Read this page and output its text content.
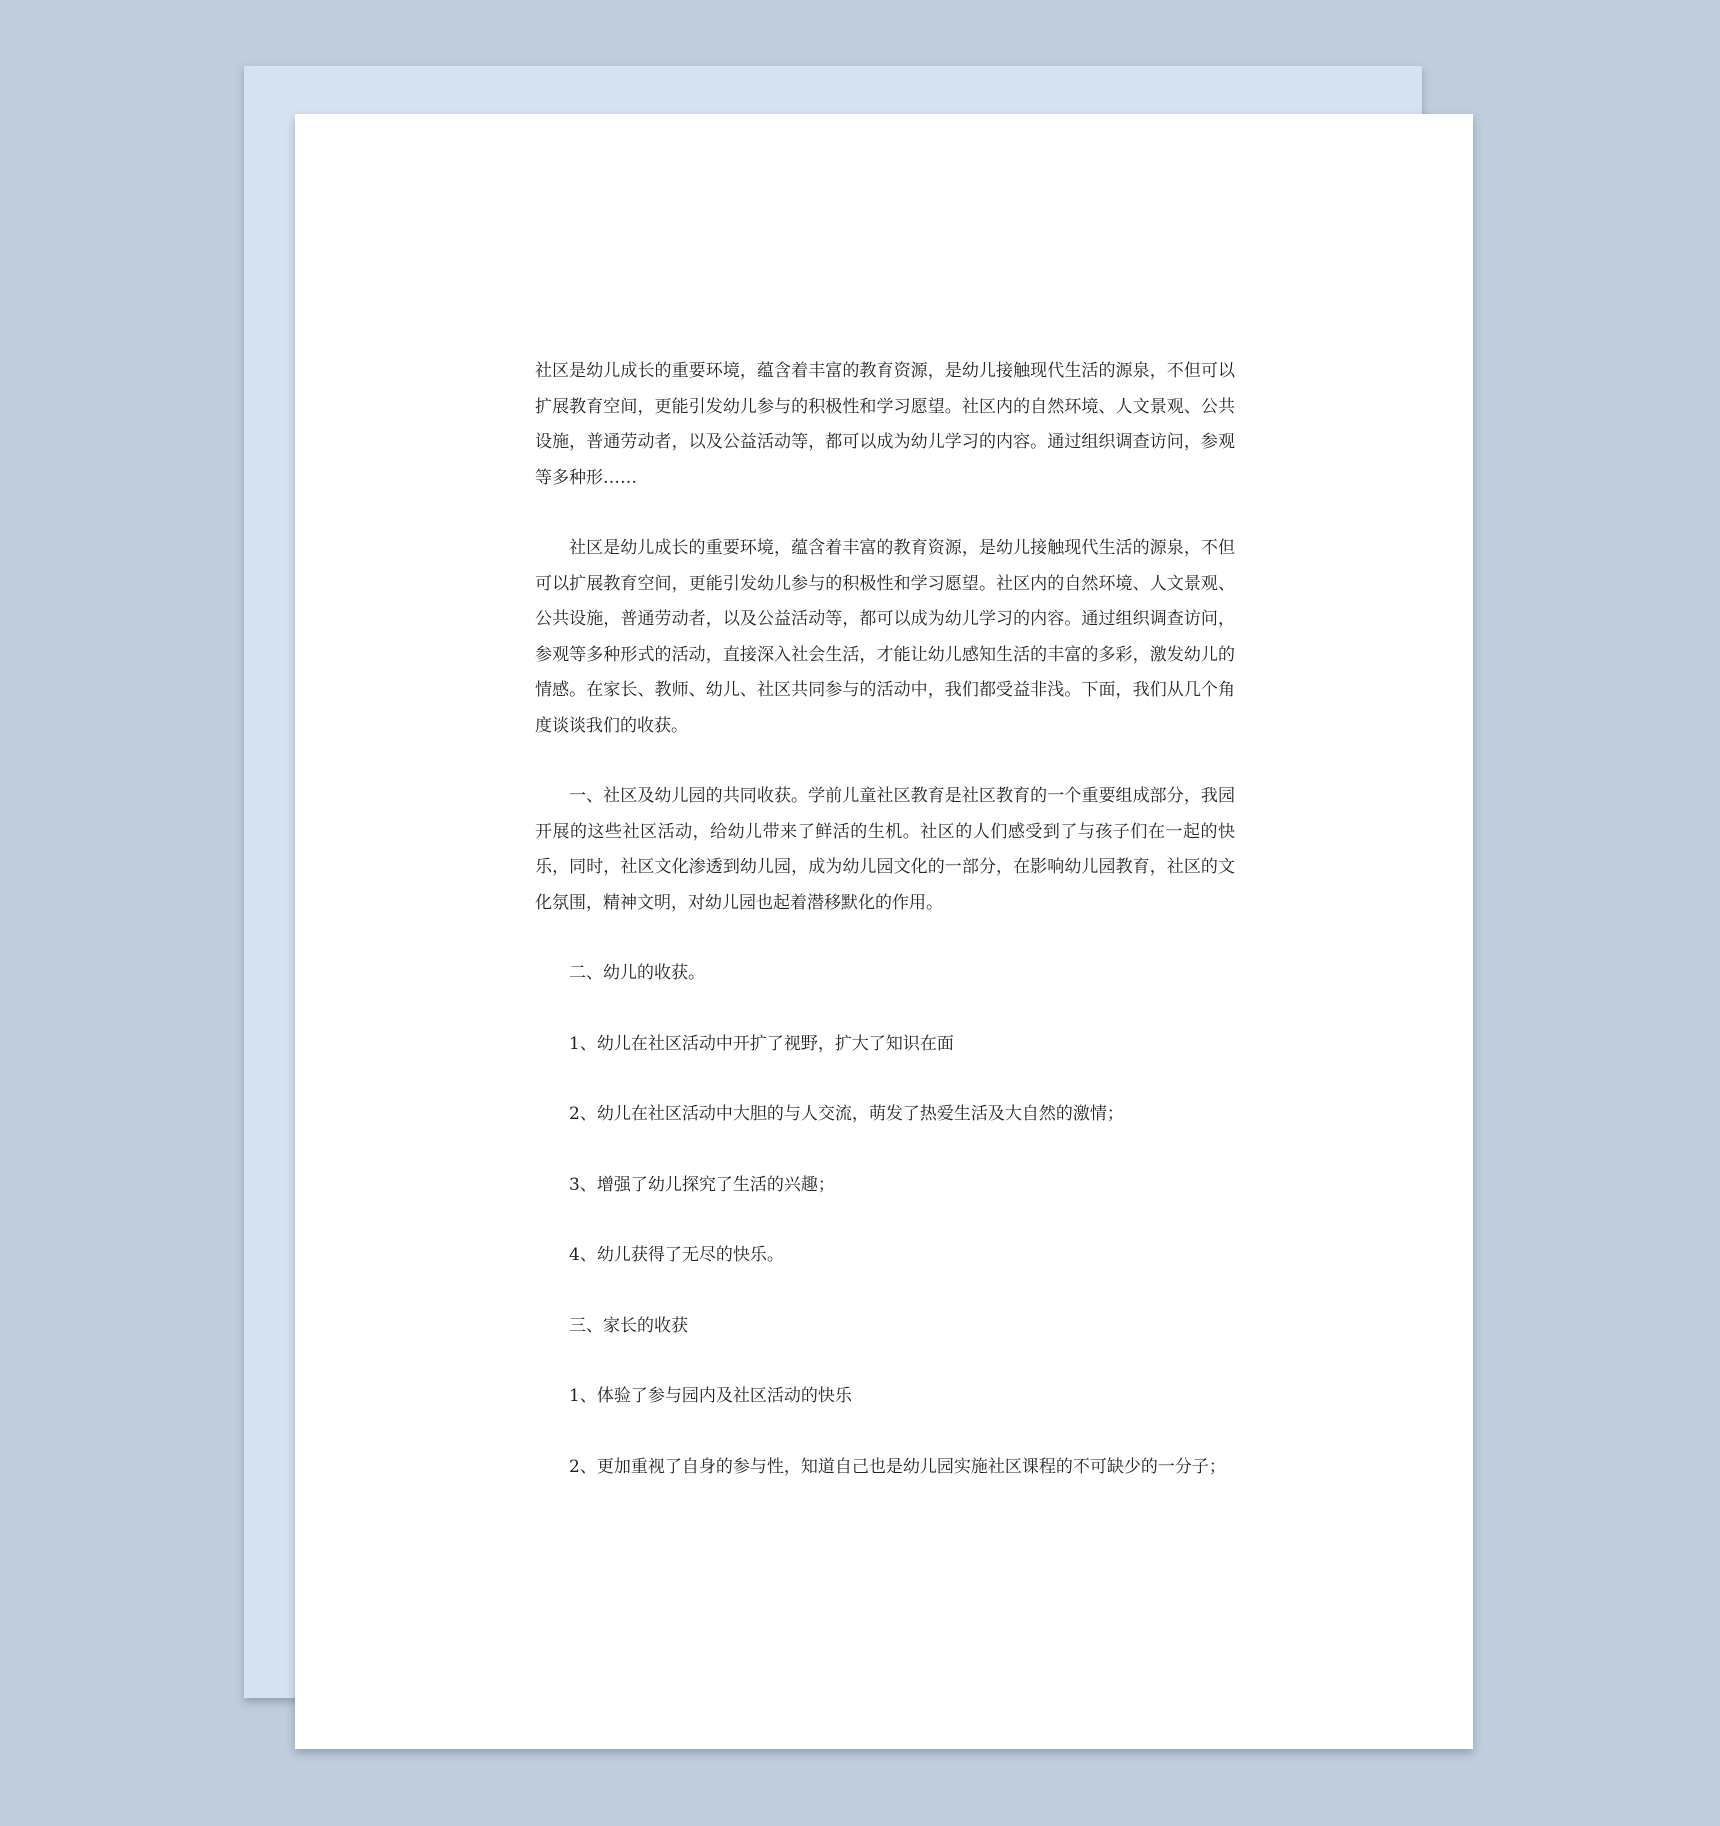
社区是幼儿成长的重要环境，蕴含着丰富的教育资源，是幼儿接触现代生活的源泉，不但可以扩展教育空间，更能引发幼儿参与的积极性和学习愿望。社区内的自然环境、人文景观、公共设施，普通劳动者，以及公益活动等，都可以成为幼儿学习的内容。通过组织调查访问，参观等多种形……

社区是幼儿成长的重要环境，蕴含着丰富的教育资源，是幼儿接触现代生活的源泉，不但可以扩展教育空间，更能引发幼儿参与的积极性和学习愿望。社区内的自然环境、人文景观、公共设施，普通劳动者，以及公益活动等，都可以成为幼儿学习的内容。通过组织调查访问，参观等多种形式的活动，直接深入社会生活，才能让幼儿感知生活的丰富的多彩，激发幼儿的情感。在家长、教师、幼儿、社区共同参与的活动中，我们都受益非浅。下面，我们从几个角度谈谈我们的收获。

一、社区及幼儿园的共同收获。学前儿童社区教育是社区教育的一个重要组成部分，我园开展的这些社区活动，给幼儿带来了鲜活的生机。社区的人们感受到了与孩子们在一起的快乐，同时，社区文化渗透到幼儿园，成为幼儿园文化的一部分，在影响幼儿园教育，社区的文化氛围，精神文明，对幼儿园也起着潜移默化的作用。

二、幼儿的收获。

1、幼儿在社区活动中开扩了视野，扩大了知识在面

2、幼儿在社区活动中大胆的与人交流，萌发了热爱生活及大自然的激情；

3、增强了幼儿探究了生活的兴趣；

4、幼儿获得了无尽的快乐。

三、家长的收获

1、体验了参与园内及社区活动的快乐

2、更加重视了自身的参与性，知道自己也是幼儿园实施社区课程的不可缺少的一分子；
